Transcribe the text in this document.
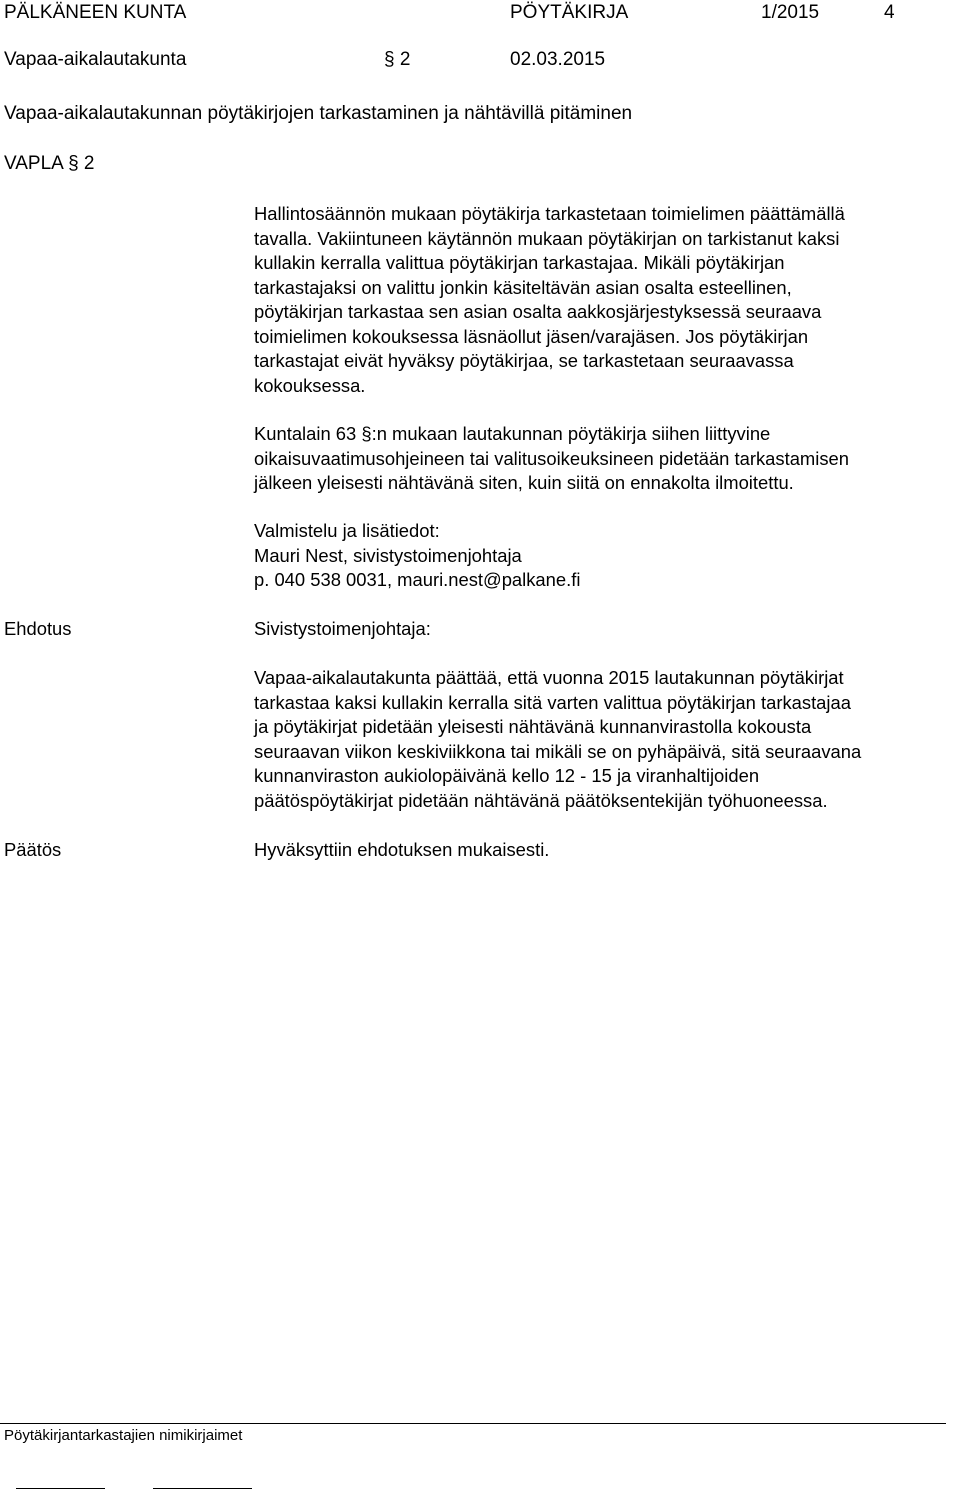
PÄLKÄNEEN KUNTA	PÖYTÄKIRJA	1/2015	4
Vapaa-aikalautakunta	§ 2	02.03.2015
Vapaa-aikalautakunnan pöytäkirjojen tarkastaminen ja nähtävillä pitäminen
VAPLA § 2

Hallintosäännön mukaan pöytäkirja tarkastetaan toimielimen päättämällä

tavalla. Vakiintuneen käytännön mukaan pöytäkirjan on tarkistanut kaksi

kullakin kerralla valittua pöytäkirjan tarkastajaa. Mikäli pöytäkirjan

tarkastajaksi on valittu jonkin käsiteltävän asian osalta esteellinen,

pöytäkirjan tarkastaa sen asian osalta aakkosjärjestyksessä seuraava

toimielimen kokouksessa läsnäollut jäsen/varajäsen. Jos pöytäkirjan

tarkastajat eivät hyväksy pöytäkirjaa, se tarkastetaan seuraavassa

kokouksessa.

Kuntalain 63 §:n mukaan lautakunnan pöytäkirja siihen liittyvine

oikaisuvaatimusohjeineen tai valitusoikeuksineen pidetään tarkastamisen

jälkeen yleisesti nähtävänä siten, kuin siitä on ennakolta ilmoitettu.

Valmistelu ja lisätiedot:

Mauri Nest, sivistystoimenjohtaja

p. 040 538 0031, mauri.nest@palkane.fi

Ehdotus	Sivistystoimenjohtaja:

Vapaa-aikalautakunta päättää, että vuonna 2015 lautakunnan pöytäkirjat

tarkastaa kaksi kullakin kerralla sitä varten valittua pöytäkirjan tarkastajaa

ja pöytäkirjat pidetään yleisesti nähtävänä kunnanvirastolla kokousta

seuraavan viikon keskiviikkona tai mikäli se on pyhäpäivä, sitä seuraavana

kunnanviraston aukiolopäivänä kello 12 - 15 ja viranhaltijoiden

päätöspöytäkirjat pidetään nähtävänä päätöksentekijän työhuoneessa.

Päätös	Hyväksyttiin ehdotuksen mukaisesti.

Pöytäkirjantarkastajien nimikirjaimet
